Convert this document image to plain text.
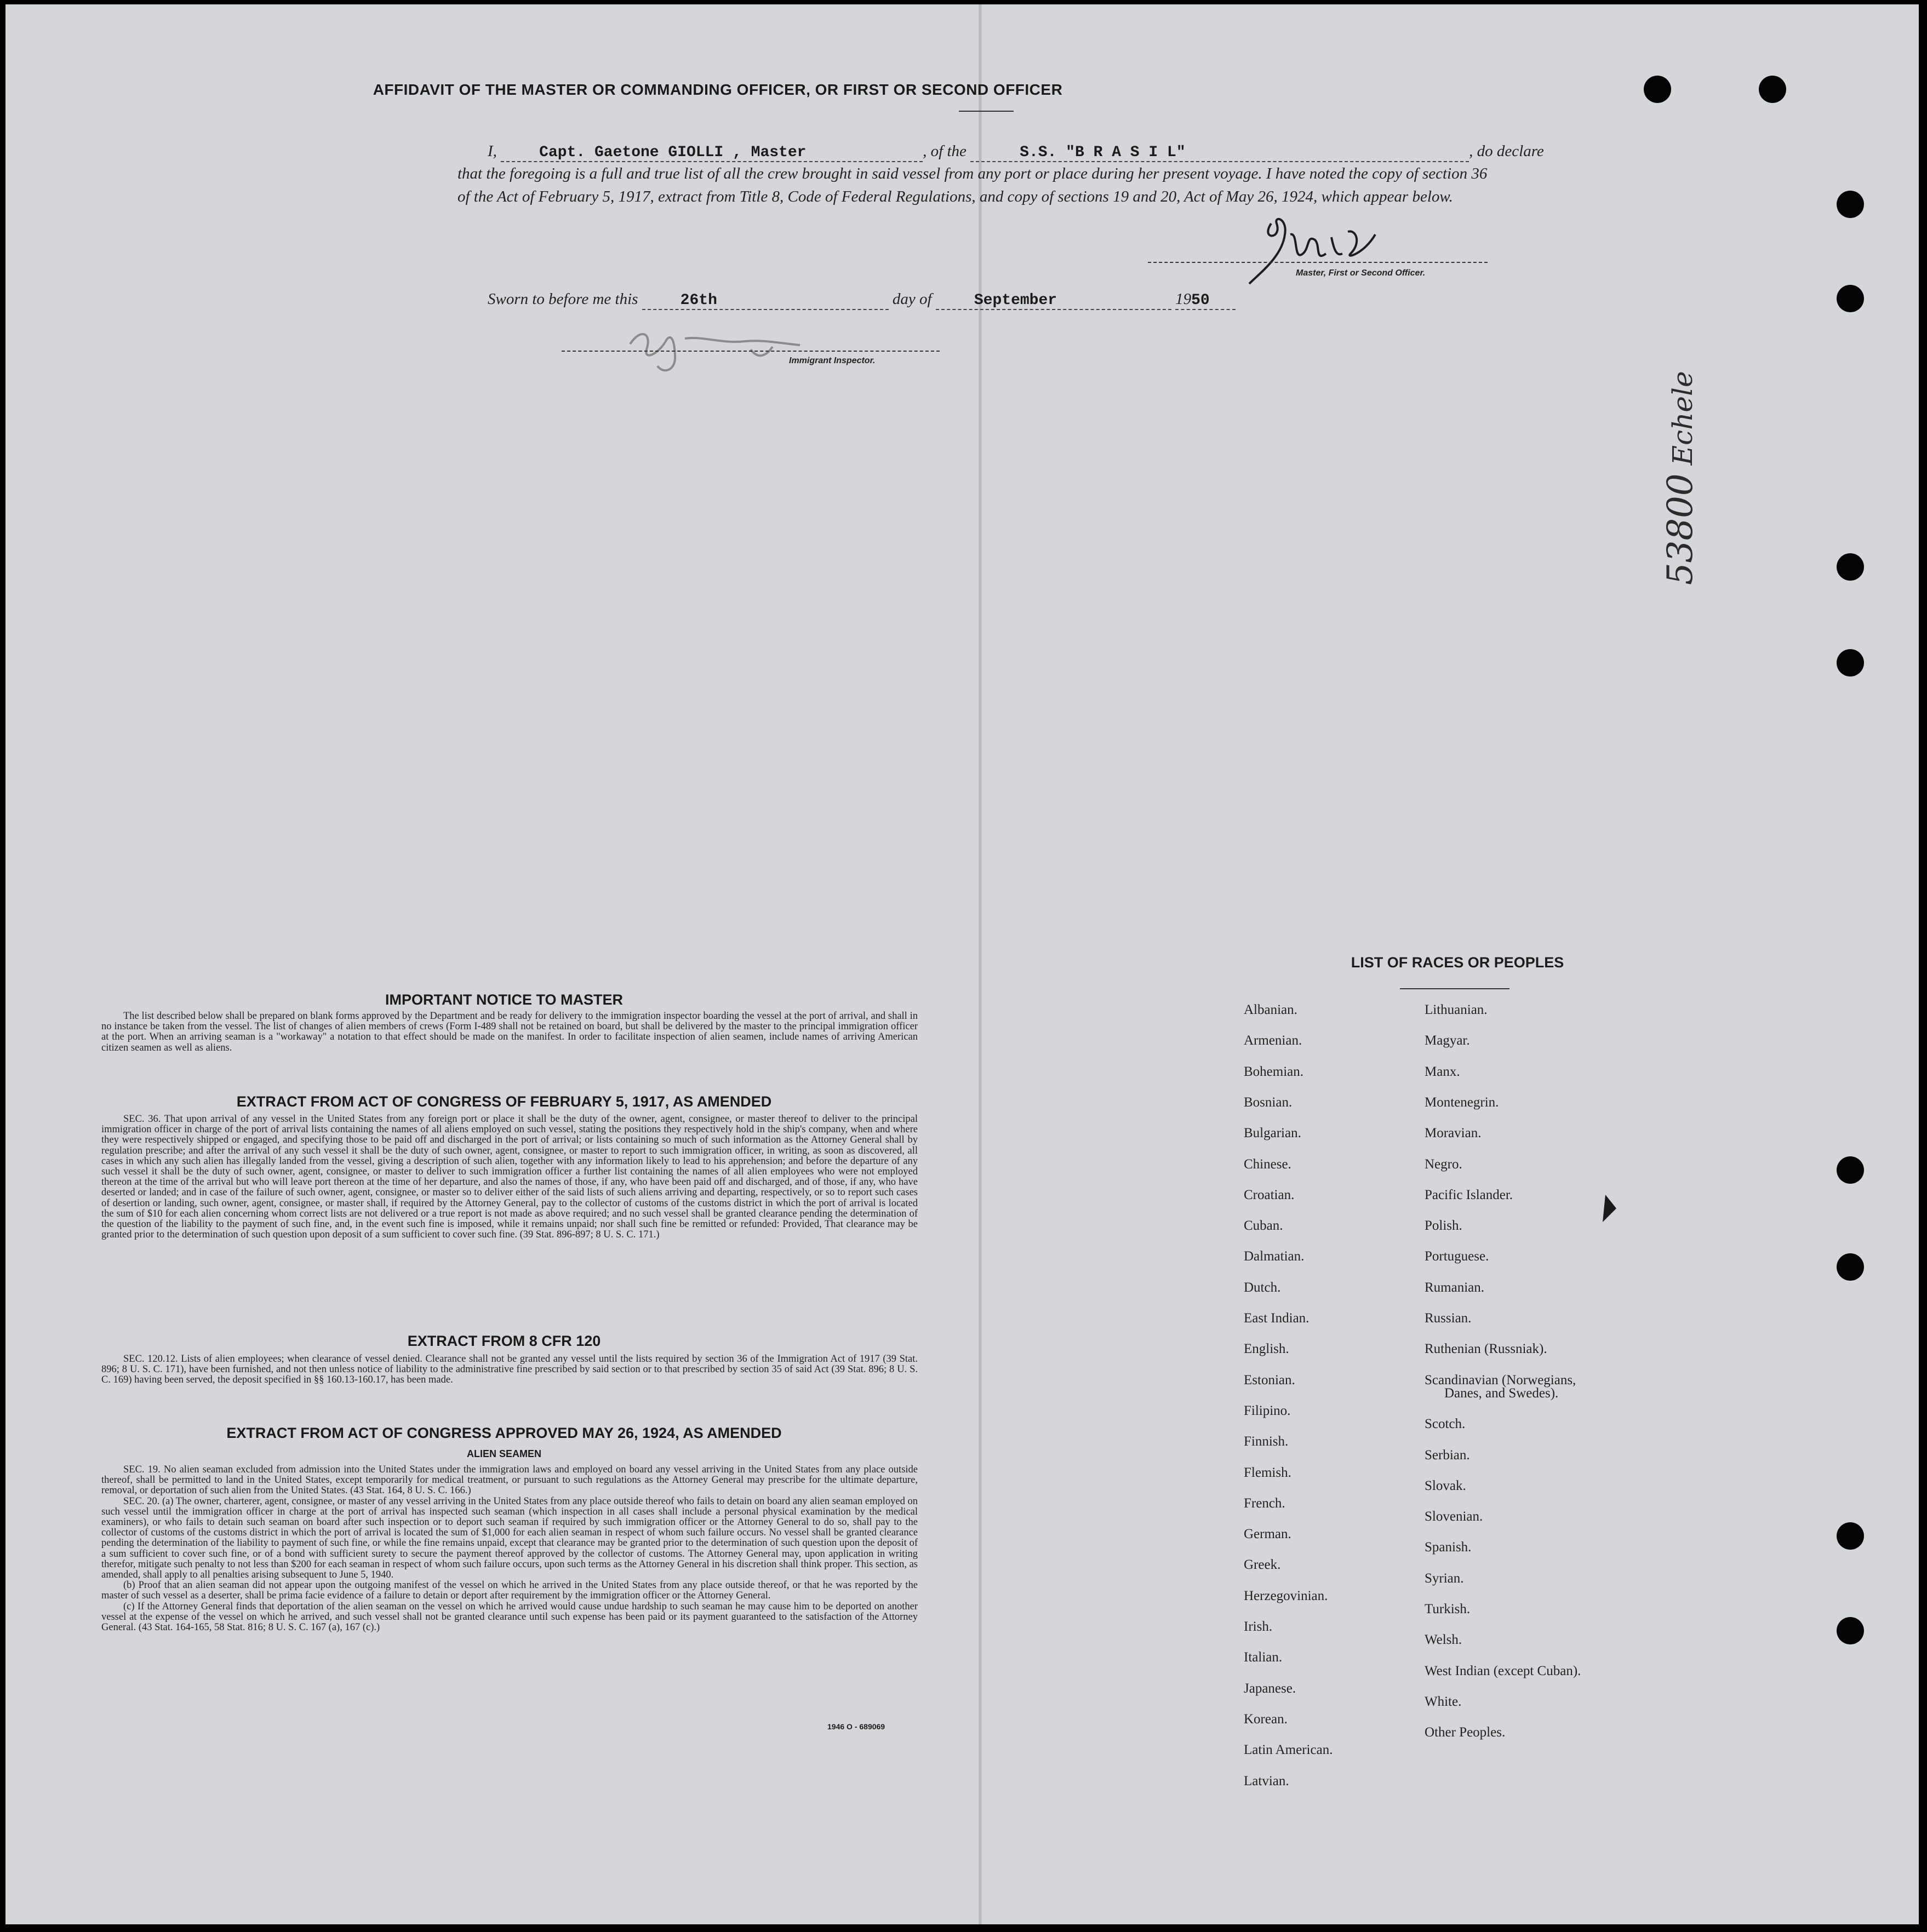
AFFIDAVIT OF THE MASTER OR COMMANDING OFFICER, OR FIRST OR SECOND OFFICER
I,	Capt. Gaetone GIOLLI , Master	, of the	S.S. "B R A S I L"	, do declare
that the foregoing is a full and true list of all the crew brought in said vessel from any port or place during her present voyage. I have noted the copy of section 36 of the Act of February 5, 1917, extract from Title 8, Code of Federal Regulations, and copy of sections 19 and 20, Act of May 26, 1924, which appear below.
Master, First or Second Officer.
Sworn to before me this	26th	day of	September	1950
Immigrant Inspector.
53800 Echele
IMPORTANT NOTICE TO MASTER

The list described below shall be prepared on blank forms approved by the Department and be ready for delivery to the immigration inspector boarding the vessel at the port of arrival, and shall in no instance be taken from the vessel. The list of changes of alien members of crews (Form I-489 shall not be retained on board, but shall be delivered by the master to the principal immigration officer at the port. When an arriving seaman is a "workaway" a notation to that effect should be made on the manifest. In order to facilitate inspection of alien seamen, include names of arriving American citizen seamen as well as aliens.

EXTRACT FROM ACT OF CONGRESS OF FEBRUARY 5, 1917, AS AMENDED

SEC. 36. That upon arrival of any vessel in the United States from any foreign port or place it shall be the duty of the owner, agent, consignee, or master thereof to deliver to the principal immigration officer in charge of the port of arrival lists containing the names of all aliens employed on such vessel, stating the positions they respectively hold in the ship's company, when and where they were respectively shipped or engaged, and specifying those to be paid off and discharged in the port of arrival; or lists containing so much of such information as the Attorney General shall by regulation prescribe; and after the arrival of any such vessel it shall be the duty of such owner, agent, consignee, or master to report to such immigration officer, in writing, as soon as discovered, all cases in which any such alien has illegally landed from the vessel, giving a description of such alien, together with any information likely to lead to his apprehension; and before the departure of any such vessel it shall be the duty of such owner, agent, consignee, or master to deliver to such immigration officer a further list containing the names of all alien employees who were not employed thereon at the time of the arrival but who will leave port thereon at the time of her departure, and also the names of those, if any, who have been paid off and discharged, and of those, if any, who have deserted or landed; and in case of the failure of such owner, agent, consignee, or master so to deliver either of the said lists of such aliens arriving and departing, respectively, or so to report such cases of desertion or landing, such owner, agent, consignee, or master shall, if required by the Attorney General, pay to the collector of customs of the customs district in which the port of arrival is located the sum of $10 for each alien concerning whom correct lists are not delivered or a true report is not made as above required; and no such vessel shall be granted clearance pending the determination of the question of the liability to the payment of such fine, and, in the event such fine is imposed, while it remains unpaid; nor shall such fine be remitted or refunded: Provided, That clearance may be granted prior to the determination of such question upon deposit of a sum sufficient to cover such fine. (39 Stat. 896-897; 8 U. S. C. 171.)

EXTRACT FROM 8 CFR 120

SEC. 120.12. Lists of alien employees; when clearance of vessel denied. Clearance shall not be granted any vessel until the lists required by section 36 of the Immigration Act of 1917 (39 Stat. 896; 8 U. S. C. 171), have been furnished, and not then unless notice of liability to the administrative fine prescribed by said section or to that prescribed by section 35 of said Act (39 Stat. 896; 8 U. S. C. 169) having been served, the deposit specified in §§ 160.13-160.17, has been made.

EXTRACT FROM ACT OF CONGRESS APPROVED MAY 26, 1924, AS AMENDED
ALIEN SEAMEN

SEC. 19. No alien seaman excluded from admission into the United States under the immigration laws and employed on board any vessel arriving in the United States from any place outside thereof, shall be permitted to land in the United States, except temporarily for medical treatment, or pursuant to such regulations as the Attorney General may prescribe for the ultimate departure, removal, or deportation of such alien from the United States. (43 Stat. 164, 8 U. S. C. 166.)

SEC. 20. (a) The owner, charterer, agent, consignee, or master of any vessel arriving in the United States from any place outside thereof who fails to detain on board any alien seaman employed on such vessel until the immigration officer in charge at the port of arrival has inspected such seaman (which inspection in all cases shall include a personal physical examination by the medical examiners), or who fails to detain such seaman on board after such inspection or to deport such seaman if required by such immigration officer or the Attorney General to do so, shall pay to the collector of customs of the customs district in which the port of arrival is located the sum of $1,000 for each alien seaman in respect of whom such failure occurs. No vessel shall be granted clearance pending the determination of the liability to payment of such fine, or while the fine remains unpaid, except that clearance may be granted prior to the determination of such question upon the deposit of a sum sufficient to cover such fine, or of a bond with sufficient surety to secure the payment thereof approved by the collector of customs. The Attorney General may, upon application in writing therefor, mitigate such penalty to not less than $200 for each seaman in respect of whom such failure occurs, upon such terms as the Attorney General in his discretion shall think proper. This section, as amended, shall apply to all penalties arising subsequent to June 5, 1940.

(b) Proof that an alien seaman did not appear upon the outgoing manifest of the vessel on which he arrived in the United States from any place outside thereof, or that he was reported by the master of such vessel as a deserter, shall be prima facie evidence of a failure to detain or deport after requirement by the immigration officer or the Attorney General.

(c) If the Attorney General finds that deportation of the alien seaman on the vessel on which he arrived would cause undue hardship to such seaman he may cause him to be deported on another vessel at the expense of the vessel on which he arrived, and such vessel shall not be granted clearance until such expense has been paid or its payment guaranteed to the satisfaction of the Attorney General. (43 Stat. 164-165, 58 Stat. 816; 8 U. S. C. 167 (a), 167 (c).)

1946 O - 689069
LIST OF RACES OR PEOPLES
Albanian.
Armenian.
Bohemian.
Bosnian.
Bulgarian.
Chinese.
Croatian.
Cuban.
Dalmatian.
Dutch.
East Indian.
English.
Estonian.
Filipino.
Finnish.
Flemish.
French.
German.
Greek.
Herzegovinian.
Irish.
Italian.
Japanese.
Korean.
Latin American.
Latvian.
Lithuanian.
Magyar.
Manx.
Montenegrin.
Moravian.
Negro.
Pacific Islander.
Polish.
Portuguese.
Rumanian.
Russian.
Ruthenian (Russniak).
Scandinavian (Norwegians,
Danes, and Swedes).
Scotch.
Serbian.
Slovak.
Slovenian.
Spanish.
Syrian.
Turkish.
Welsh.
West Indian (except Cuban).
White.
Other Peoples.
